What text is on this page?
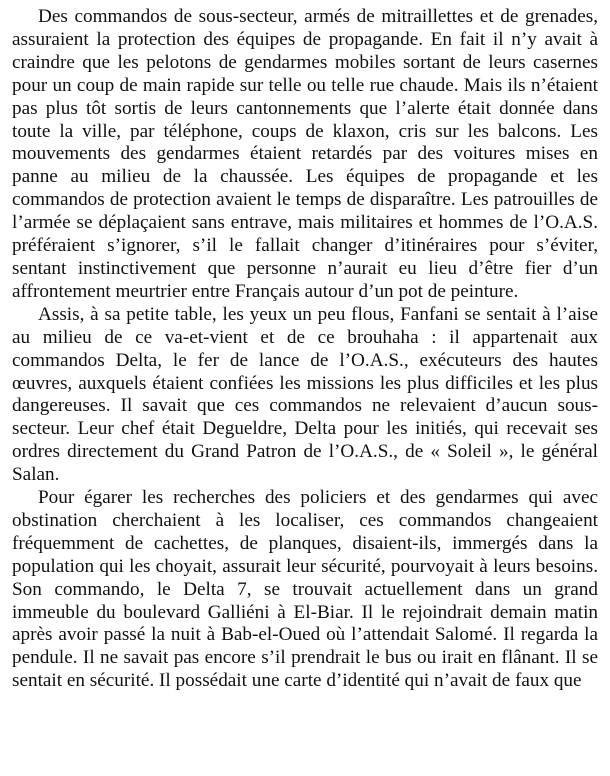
Des commandos de sous-secteur, armés de mitraillettes et de grenades, assuraient la protection des équipes de propagande. En fait il n’y avait à craindre que les pelotons de gendarmes mobiles sortant de leurs casernes pour un coup de main rapide sur telle ou telle rue chaude. Mais ils n’étaient pas plus tôt sortis de leurs cantonnements que l’alerte était donnée dans toute la ville, par téléphone, coups de klaxon, cris sur les balcons. Les mouvements des gendarmes étaient retardés par des voitures mises en panne au milieu de la chaussée. Les équipes de propagande et les commandos de protection avaient le temps de disparaître. Les patrouilles de l’armée se déplaçaient sans entrave, mais militaires et hommes de l’O.A.S. préféraient s’ignorer, s’il le fallait changer d’itinéraires pour s’éviter, sentant instinctivement que personne n’aurait eu lieu d’être fier d’un affrontement meurtrier entre Français autour d’un pot de peinture.

Assis, à sa petite table, les yeux un peu flous, Fanfani se sentait à l’aise au milieu de ce va-et-vient et de ce brouhaha : il appartenait aux commandos Delta, le fer de lance de l’O.A.S., exécuteurs des hautes œuvres, auxquels étaient confiées les missions les plus difficiles et les plus dangereuses. Il savait que ces commandos ne relevaient d’aucun sous-secteur. Leur chef était Degueldre, Delta pour les initiés, qui recevait ses ordres directement du Grand Patron de l’O.A.S., de « Soleil », le général Salan.

Pour égarer les recherches des policiers et des gendarmes qui avec obstination cherchaient à les localiser, ces commandos changeaient fréquemment de cachettes, de planques, disaient-ils, immergés dans la population qui les choyait, assurait leur sécurité, pourvoyait à leurs besoins. Son commando, le Delta 7, se trouvait actuellement dans un grand immeuble du boulevard Galliéni à El-Biar. Il le rejoindrait demain matin après avoir passé la nuit à Bab-el-Oued où l’attendait Salomé. Il regarda la pendule. Il ne savait pas encore s’il prendrait le bus ou irait en flânant. Il se sentait en sécurité. Il possédait une carte d’identité qui n’avait de faux que
